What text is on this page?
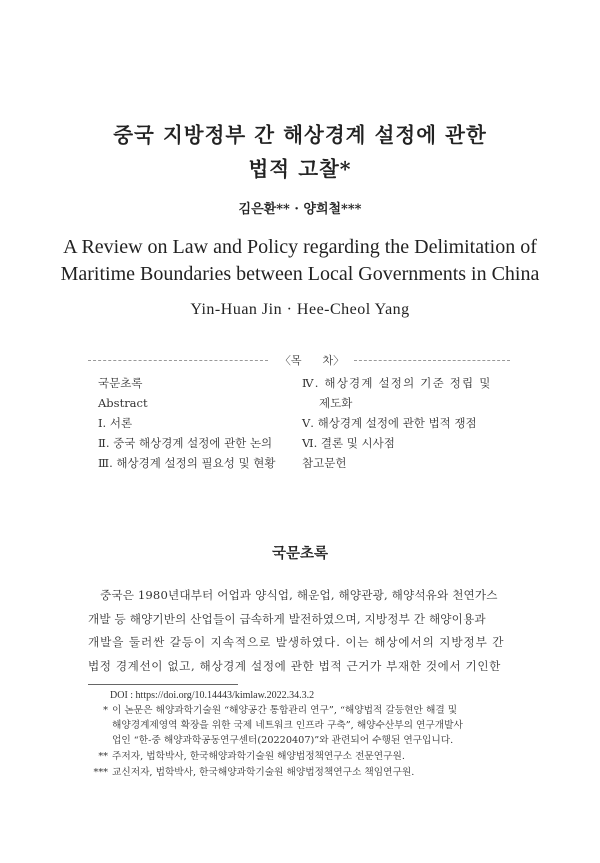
중국 지방정부 간 해상경계 설정에 관한
법적 고찰*
김은환** · 양희철***
A Review on Law and Policy regarding the Delimitation of
Maritime Boundaries between Local Governments in China
Yin-Huan Jin · Hee-Cheol Yang
〈목      차〉
국문초록
Abstract
Ⅰ. 서론
Ⅱ. 중국 해상경계 설정에 관한 논의
Ⅲ. 해상경계 설정의 필요성 및 현황
Ⅳ. 해상경계 설정의 기준 정립 및
제도화
Ⅴ. 해상경계 설정에 관한 법적 쟁점
Ⅵ. 결론 및 시사점
참고문헌
국문초록
중국은 1980년대부터 어업과 양식업, 해운업, 해양관광, 해양석유와 천연가스
개발 등 해양기반의 산업들이 급속하게 발전하였으며, 지방정부 간 해양이용과
개발을 둘러싼 갈등이 지속적으로 발생하였다. 이는 해상에서의 지방정부 간
법정 경계선이 없고, 해상경계 설정에 관한 법적 근거가 부재한 것에서 기인한
DOI : https://doi.org/10.14443/kimlaw.2022.34.3.2
* 이 논문은 해양과학기술원 “해양공간 통합관리 연구”, “해양법적 갈등현안 해결 및
해양경계제영역 확장을 위한 국제 네트워크 인프라 구축”, 해양수산부의 연구개발사
업인 “한-중 해양과학공동연구센터(20220407)”와 관련되어 수행된 연구입니다.
** 주저자, 법학박사, 한국해양과학기술원 해양법정책연구소 전문연구원.
*** 교신저자, 법학박사, 한국해양과학기술원 해양법정책연구소 책임연구원.
